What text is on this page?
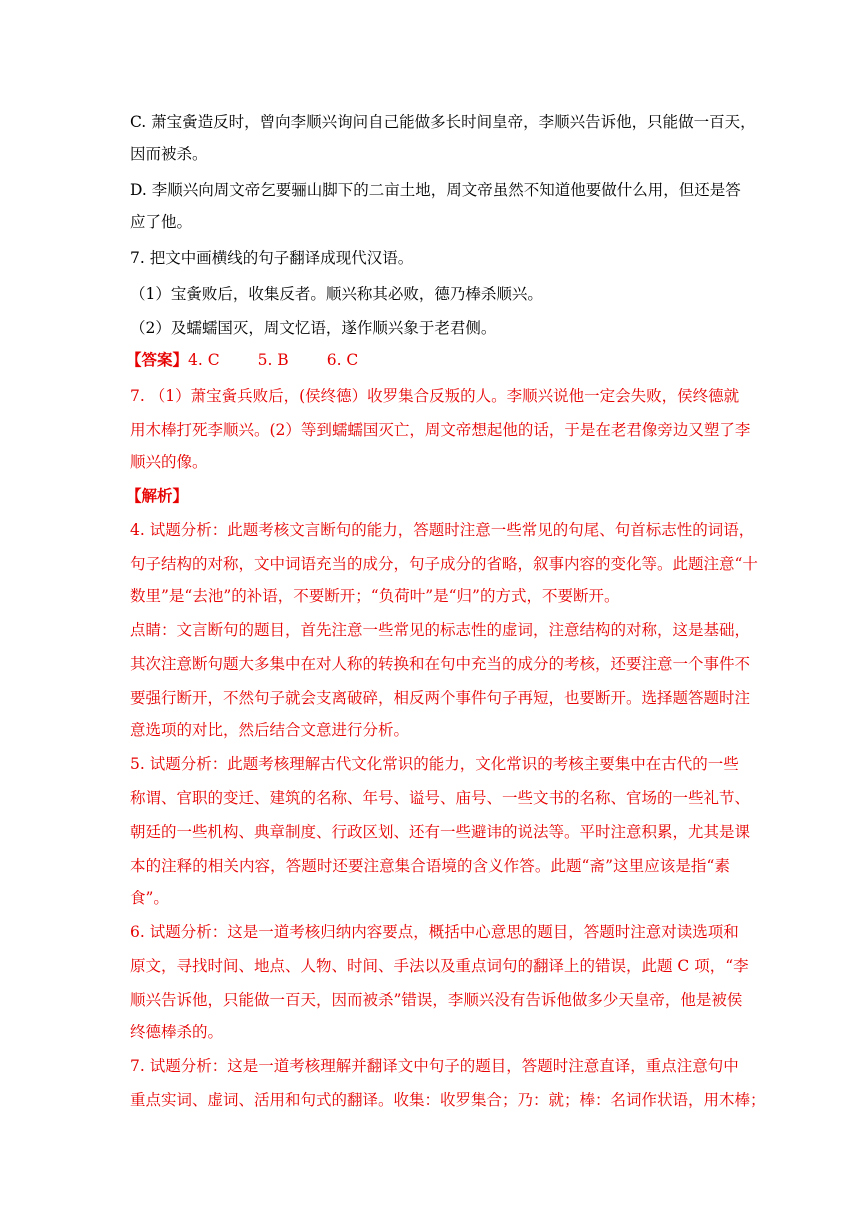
C. 萧宝夤造反时，曾向李顺兴询问自己能做多长时间皇帝，李顺兴告诉他，只能做一百天，
因而被杀。
D. 李顺兴向周文帝乞要骊山脚下的二亩土地，周文帝虽然不知道他要做什么用，但还是答
应了他。
7. 把文中画横线的句子翻译成现代汉语。
（1）宝夤败后，收集反者。顺兴称其必败，德乃棒杀顺兴。
（2）及蠕蠕国灭，周文忆语，遂作顺兴象于老君侧。
【答案】4. C 5. B 6. C
7. （1）萧宝夤兵败后，(侯终德）收罗集合反叛的人。李顺兴说他一定会失败，侯终德就
用木棒打死李顺兴。(2）等到蠕蠕国灭亡，周文帝想起他的话，于是在老君像旁边又塑了李
顺兴的像。
【解析】
4. 试题分析：此题考核文言断句的能力，答题时注意一些常见的句尾、句首标志性的词语，
句子结构的对称，文中词语充当的成分，句子成分的省略，叙事内容的变化等。此题注意“十
数里”是“去池”的补语，不要断开；“负荷叶”是“归”的方式，不要断开。
点睛：文言断句的题目，首先注意一些常见的标志性的虚词，注意结构的对称，这是基础，
其次注意断句题大多集中在对人称的转换和在句中充当的成分的考核，还要注意一个事件不
要强行断开，不然句子就会支离破碎，相反两个事件句子再短，也要断开。选择题答题时注
意选项的对比，然后结合文意进行分析。
5. 试题分析：此题考核理解古代文化常识的能力，文化常识的考核主要集中在古代的一些
称谓、官职的变迁、建筑的名称、年号、谥号、庙号、一些文书的名称、官场的一些礼节、
朝廷的一些机构、典章制度、行政区划、还有一些避讳的说法等。平时注意积累，尤其是课
本的注释的相关内容，答题时还要注意集合语境的含义作答。此题“斋”这里应该是指“素
食”。
6. 试题分析：这是一道考核归纳内容要点，概括中心意思的题目，答题时注意对读选项和
原文，寻找时间、地点、人物、时间、手法以及重点词句的翻译上的错误，此题 C 项，“李
顺兴告诉他，只能做一百天，因而被杀”错误，李顺兴没有告诉他做多少天皇帝，他是被侯
终德棒杀的。
7. 试题分析：这是一道考核理解并翻译文中句子的题目，答题时注意直译，重点注意句中
重点实词、虚词、活用和句式的翻译。收集：收罗集合；乃：就；棒：名词作状语，用木棒；
